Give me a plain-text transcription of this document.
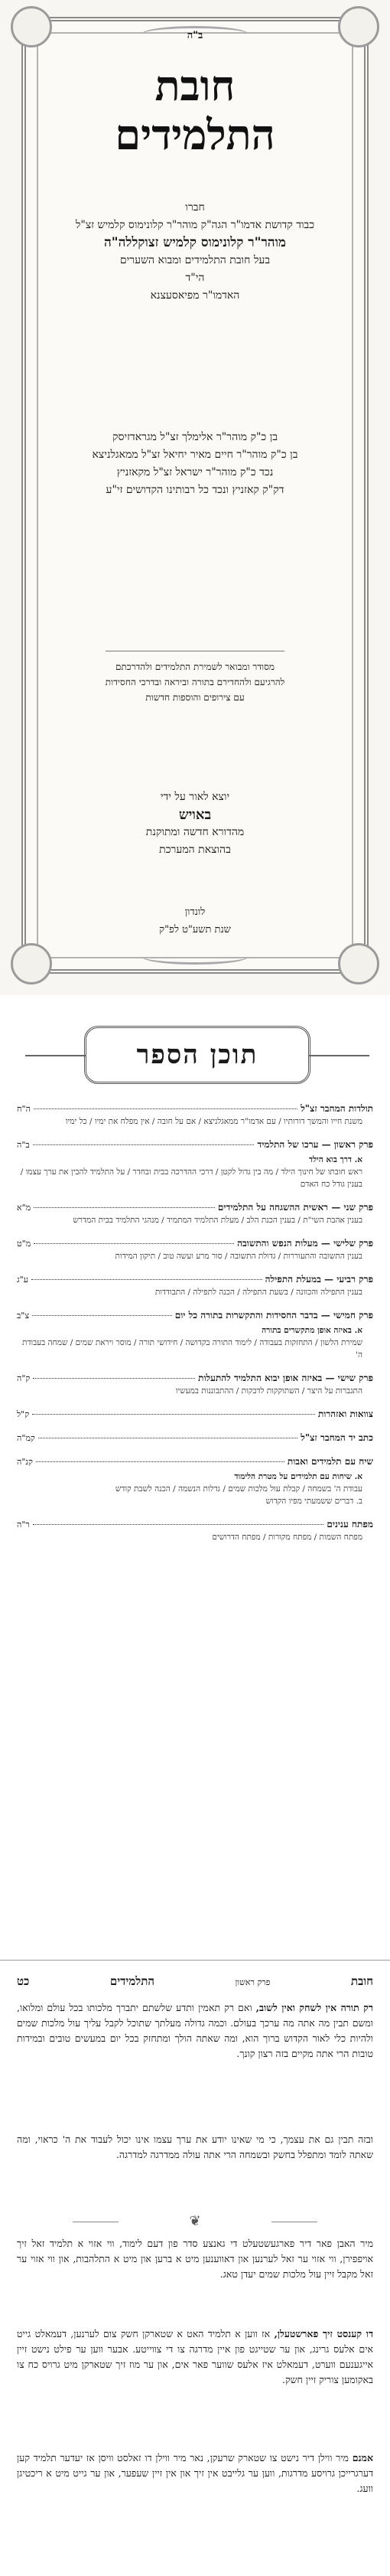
ב"ה
חובת
התלמידים
חברו
כבוד קדושת אדמו"ר הגה"ק מוהר"ר קלונימוס קלמיש זצ"ל
מוהר"ר קלונימוס קלמיש זצוקללה"ה
בעל חובת התלמידים ומבוא השערים
הי"ד
האדמו"ר מפיאסעצנא
בן כ"ק מוהר"ר אלימלך זצ"ל מגראדזיסק
בן כ"ק מוהר"ר חיים מאיר יחיאל זצ"ל ממאגלניצא
נכד כ"ק מוהר"ר ישראל זצ"ל מקאזניץ
דק"ק קאזניץ ונכד כל רבותינו הקדושים זי"ע
מסודר ומבואר לשמירת התלמידים ולהדרכתם
להרגיעם ולהחדירם בתורה וביראה ובדרכי החסידות
עם צירופים והוספות חדשות
יוצא לאור על ידי
באויש
מהדורא חדשה ומתוקנת
בהוצאת המערכת
לונדון
שנת תשע"ט לפ"ק
תוכן הספר
תולדות המחבר זצ"ל
ה"ח
משנת חייו והמשך דורותיו / עם אדמו"ר ממאגלניצא / אם על חובה / אין מפלח את ימיו / כל ימיו
פרק ראשון — ערכו של התלמיד
ב"ה
א. דרך בוא הילד
ראש חובתו של חינוך הילד / מה בין גדול לקטן / דרכי ההדרכה בבית ובחדר / על התלמיד להבין את ערך עצמו / בענין גודל כח האדם
פרק שני — ראשית ההשגחה על התלמידים
מ"א
בענין אהבת השי"ת / בענין הכנת הלב / מעלת התלמיד המתמיד / מנהגי התלמיד בבית המדרש
פרק שלישי — מעלות הנפש והתשובה
מ"ט
בענין התשובה והתעוררות / גדולת התשובה / סור מרע ועשה טוב / תיקון המידות
פרק רביעי — במעלת התפילה
ע"ג
בענין התפילה והכוונה / בשעת התפילה / הכנה לתפילה / התבודדות
פרק חמישי — בדבר החסידות והתקשרות בתורה כל יום
צ"ב
א. באיזה אופן מתקשרים בתורה
שמירת הלשון / התחזקות בעבודה / לימוד התורה בקדושה / חידושי תורה / מוסר ויראת שמים / שמחה בעבודת ה'
פרק שישי — באיזה אופן יבוא התלמיד להתעלות
ק"ה
התגברות על היצר / השתוקקות לדבקות / ההתבוננות במעשיו
צוואות ואזהרות
ק"ל
כתב יד המחבר זצ"ל
קמ"ה
שיח עם תלמידים ואבות
קנ"ה
א. שיחות עם תלמידים על מטרת הלימוד
עבודת ה' בשמחה / קבלת עול מלכות שמים / גדלות הנשמה / הכנה לשבת קודש
ב. דברים ששמעתי מפיו הקדוש
מפתח ענינים
ר"ה
מפתח השמות / מפתח מקורות / מפתח הדרושים
חובת
פרק ראשון
התלמידים
כט
רק תורה אין לשחק ואין לשוב, ואם רק תאמין ותדע שלשתם יתברך מלכותו בכל עולם ומלואו, ומשם תבין מה אתה מה ערכך בעולם. וכמה גדולה מעלתך שתוכל לקבל עליך עול מלכות שמים ולהיות כלי לאור הקדוש ברוך הוא, ומה שאתה הולך ומתחזק בכל יום במעשים טובים ובמידות טובות הרי אתה מקיים בזה רצון קונך.
ובזה תבין גם את עצמך, כי מי שאינו יודע את ערך עצמו אינו יכול לעבוד את ה' כראוי, ומה שאתה לומד ומתפלל בחשק ובשמחה הרי אתה עולה ממדרגה למדרגה.
❦
מיר האבן פאר דיר פארגעשטעלט די גאנצע סדר פון דעם לימוד, ווי אזוי א תלמיד זאל זיך אויפפירן, ווי אזוי ער זאל לערנען און דאווענען מיט א ברען און מיט א התלהבות, און ווי אזוי ער זאל מקבל זיין עול מלכות שמים יעדן טאג.
דו קענסט זיך פארשטעלן, אז ווען א תלמיד האט א שטארקן חשק צום לערנען, דעמאלט גייט אים אלעס גרינג, און ער שטייגט פון איין מדרגה צו די צווייטע. אבער ווען ער פילט נישט זיין אייגענעם ווערט, דעמאלט איז אלעס שווער פאר אים, און ער מוז זיך שטארקן מיט גרויס כח צו באקומען צוריק זיין חשק.
אמנם מיר ווילן דיר נישט צו שטארק שרעקן, נאר מיר ווילן דו זאלסט וויסן אז יעדער תלמיד קען דערגרייכן גרויסע מדרגות, ווען ער גלייבט אין זיך און אין זיין שעפער, און ער גייט מיט א ריכטיגן וועג.
